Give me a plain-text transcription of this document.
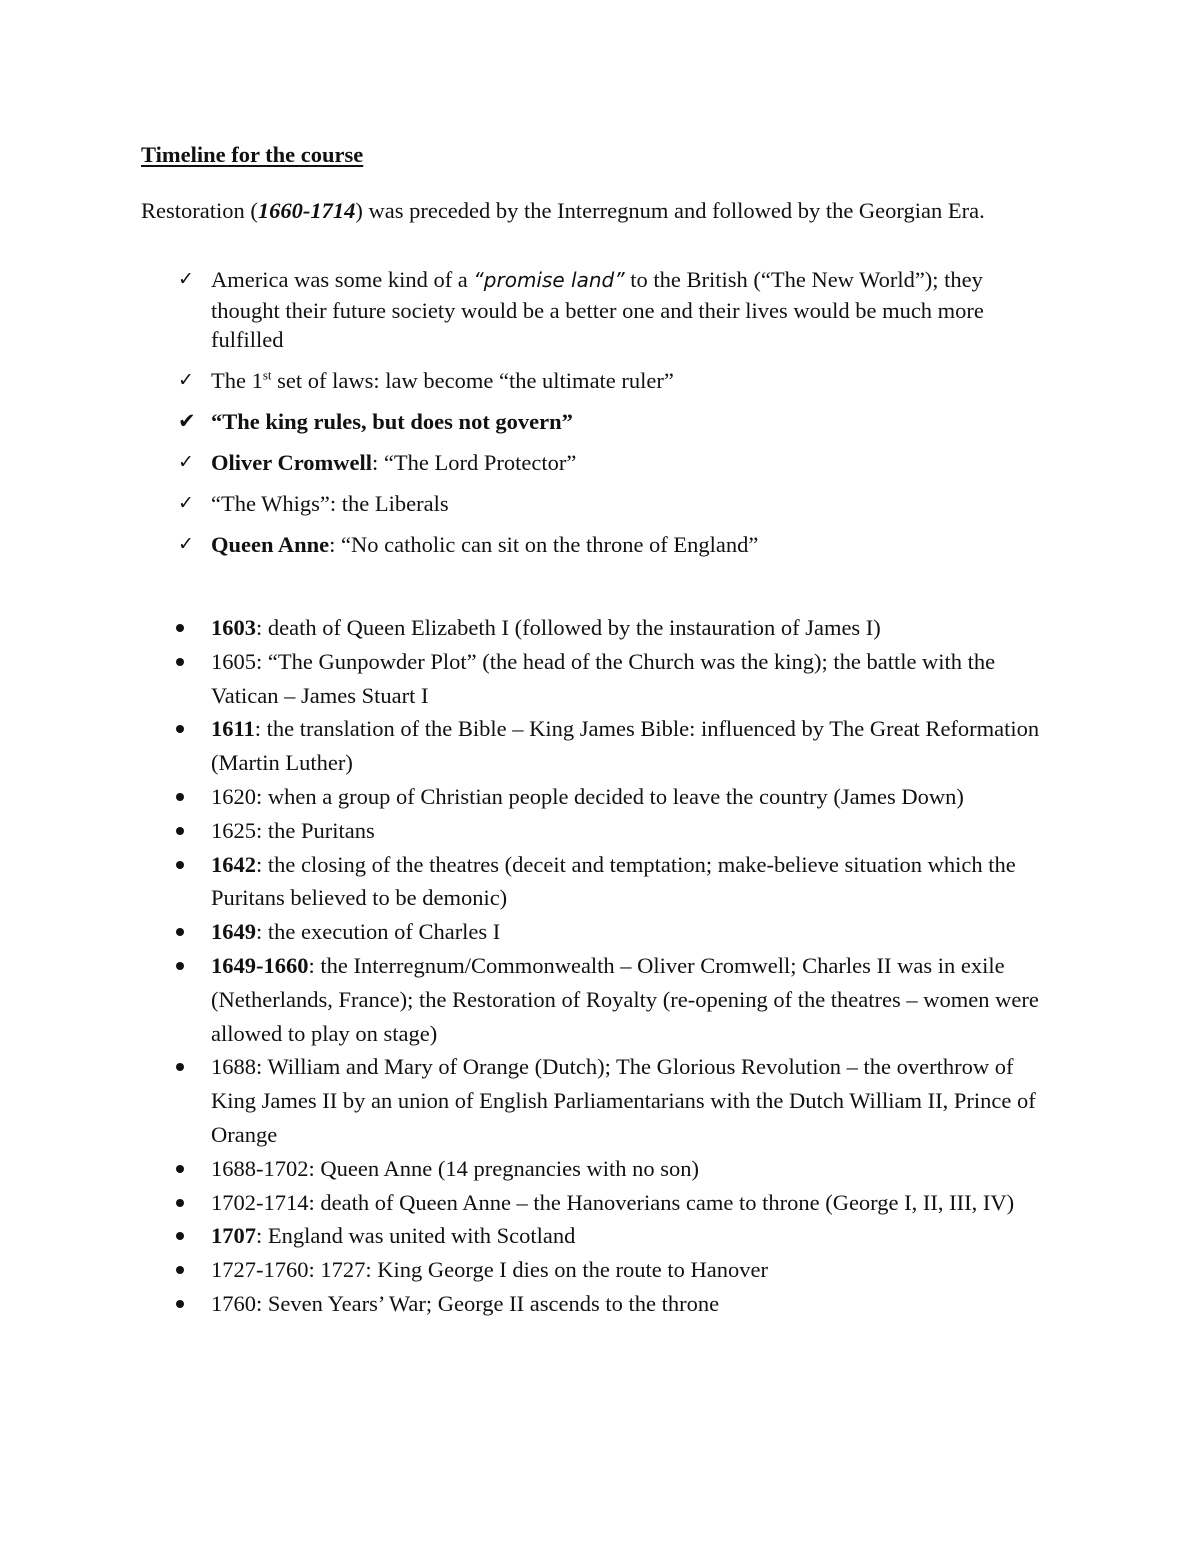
Timeline for the course
Restoration (1660-1714) was preceded by the Interregnum and followed by the Georgian Era.
✓ America was some kind of a “promise land” to the British (“The New World”); they thought their future society would be a better one and their lives would be much more fulfilled
✓ The 1st set of laws: law become “the ultimate ruler”
✔ “The king rules, but does not govern”
✓ Oliver Cromwell: “The Lord Protector”
✓ “The Whigs”: the Liberals
✓ Queen Anne: “No catholic can sit on the throne of England”
1603: death of Queen Elizabeth I (followed by the instauration of James I)
1605: “The Gunpowder Plot” (the head of the Church was the king); the battle with the Vatican – James Stuart I
1611: the translation of the Bible – King James Bible: influenced by The Great Reformation (Martin Luther)
1620: when a group of Christian people decided to leave the country (James Down)
1625: the Puritans
1642: the closing of the theatres (deceit and temptation; make-believe situation which the Puritans believed to be demonic)
1649: the execution of Charles I
1649-1660: the Interregnum/Commonwealth – Oliver Cromwell; Charles II was in exile (Netherlands, France); the Restoration of Royalty (re-opening of the theatres – women were allowed to play on stage)
1688: William and Mary of Orange (Dutch); The Glorious Revolution – the overthrow of King James II by an union of English Parliamentarians with the Dutch William II, Prince of Orange
1688-1702: Queen Anne (14 pregnancies with no son)
1702-1714: death of Queen Anne – the Hanoverians came to throne (George I, II, III, IV)
1707: England was united with Scotland
1727-1760: 1727: King George I dies on the route to Hanover
1760: Seven Years’ War; George II ascends to the throne
